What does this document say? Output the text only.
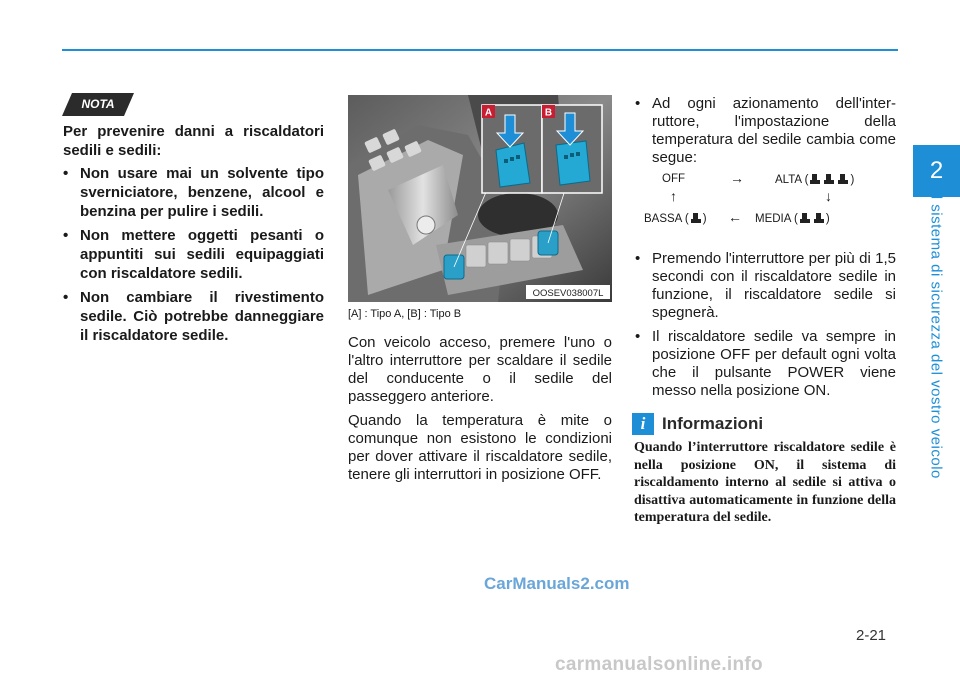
2
Il sistema di sicurezza del vostro veicolo
NOTA

Per prevenire danni a riscaldatori sedili e sedili:

• Non usare mai un solvente tipo sverniciatore, benzene, alcool e benzina per pulire i sedili.
• Non mettere oggetti pesanti o appuntiti sui sedili equipaggiati con riscaldatore sedili.
• Non cambiare il rivestimento sedile. Ciò potrebbe danneggiare il riscaldatore sedile.
A	B
OOSEV038007L
[A] : Tipo A, [B] : Tipo B

Con veicolo acceso, premere l'uno o l'altro interruttore per scaldare il sedile del conducente o il sedile del passeggero anteriore.

Quando la temperatura è mite o comunque non esistono le condizioni per dover attivare il riscaldatore sedile, tenere gli interruttori in posizione OFF.

• Ad ogni azionamento dell'inter-ruttore, l'impostazione della temperatura del sedile cambia come segue:
OFF	→	ALTA (	)
↑	↓
BASSA ( ) ← MEDIA ( )
• Premendo l'interruttore per più di 1,5 secondi con il riscaldatore sedile in funzione, il riscaldatore sedile si spegnerà.
• Il riscaldatore sedile va sempre in posizione OFF per default ogni volta che il pulsante POWER viene messo nella posizione ON.
i Informazioni
Quando l’interruttore riscaldatore sedile è nella posizione ON, il sistema di riscaldamento interno al sedile si attiva o disattiva automaticamente in funzione della temperatura del sedile.
CarManuals2.com
2-21
carmanualsonline.info
